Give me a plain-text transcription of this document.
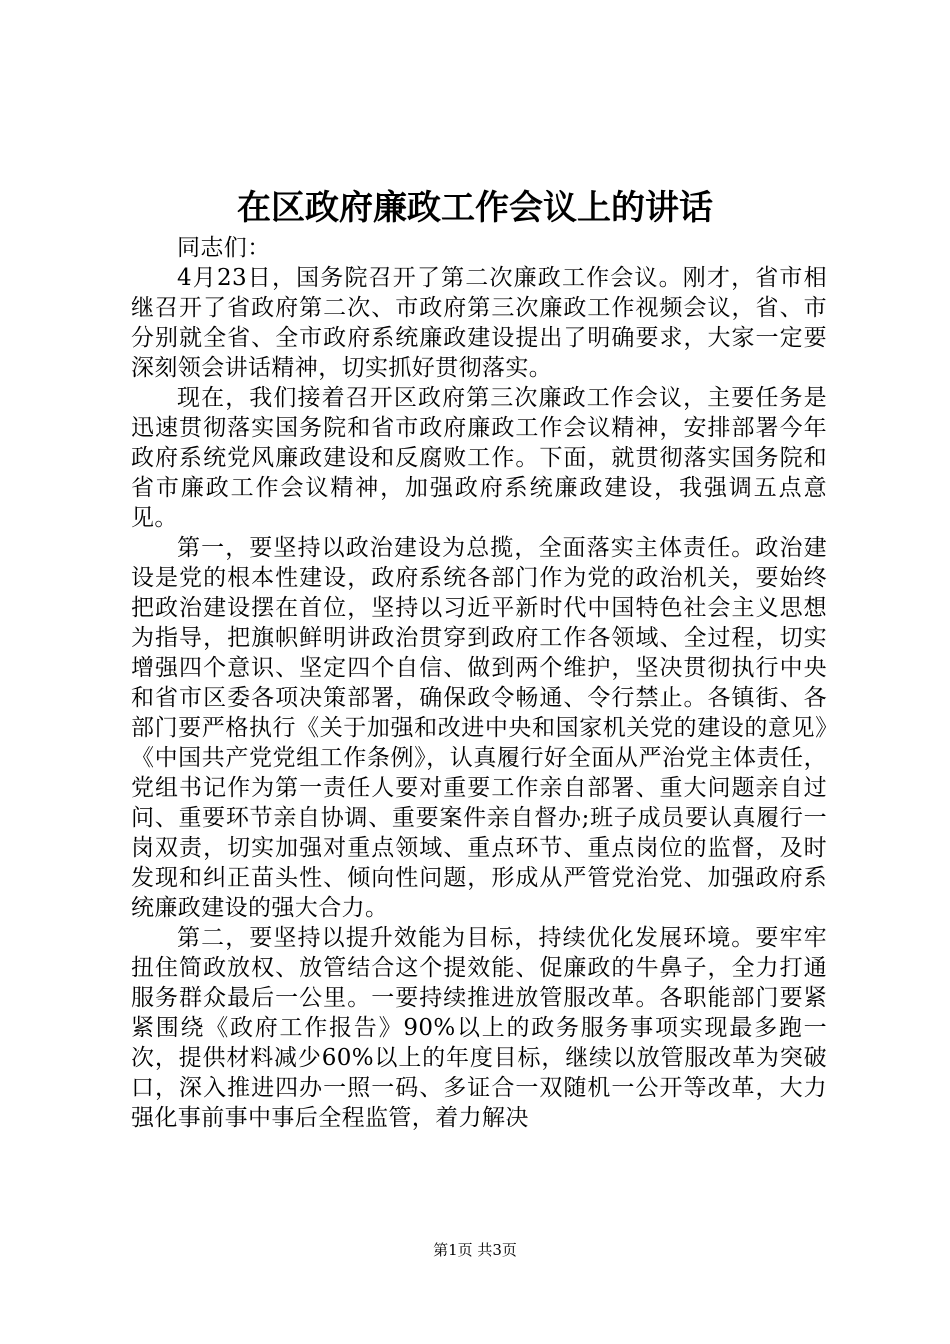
在区政府廉政工作会议上的讲话

同志们：

4月23日，国务院召开了第二次廉政工作会议。刚才，省市相继召开了省政府第二次、市政府第三次廉政工作视频会议，省、市分别就全省、全市政府系统廉政建设提出了明确要求，大家一定要深刻领会讲话精神，切实抓好贯彻落实。

现在，我们接着召开区政府第三次廉政工作会议，主要任务是迅速贯彻落实国务院和省市政府廉政工作会议精神，安排部署今年政府系统党风廉政建设和反腐败工作。下面，就贯彻落实国务院和省市廉政工作会议精神，加强政府系统廉政建设，我强调五点意见。

第一，要坚持以政治建设为总揽，全面落实主体责任。政治建设是党的根本性建设，政府系统各部门作为党的政治机关，要始终把政治建设摆在首位，坚持以习近平新时代中国特色社会主义思想为指导，把旗帜鲜明讲政治贯穿到政府工作各领域、全过程，切实增强四个意识、坚定四个自信、做到两个维护，坚决贯彻执行中央和省市区委各项决策部署，确保政令畅通、令行禁止。各镇街、各部门要严格执行《关于加强和改进中央和国家机关党的建设的意见》《中国共产党党组工作条例》，认真履行好全面从严治党主体责任，党组书记作为第一责任人要对重要工作亲自部署、重大问题亲自过问、重要环节亲自协调、重要案件亲自督办;班子成员要认真履行一岗双责，切实加强对重点领域、重点环节、重点岗位的监督，及时发现和纠正苗头性、倾向性问题，形成从严管党治党、加强政府系统廉政建设的强大合力。

第二，要坚持以提升效能为目标，持续优化发展环境。要牢牢扭住简政放权、放管结合这个提效能、促廉政的牛鼻子，全力打通服务群众最后一公里。一要持续推进放管服改革。各职能部门要紧紧围绕《政府工作报告》90%以上的政务服务事项实现最多跑一次，提供材料减少60%以上的年度目标，继续以放管服改革为突破口，深入推进四办一照一码、多证合一双随机一公开等改革，大力强化事前事中事后全程监管，着力解决

第1页 共3页
